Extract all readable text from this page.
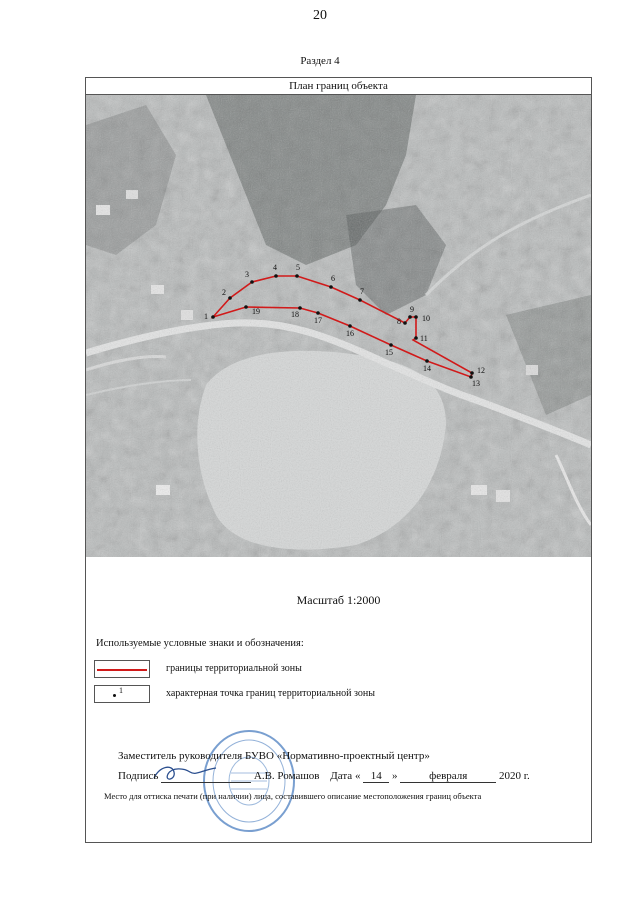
20
Раздел 4
План границ объекта
1
2
3
4 5
6
7
8
9
10
11
12
13
14
15
16
17
18
19
Масштаб 1:2000
Используемые условные знаки и обозначения:
границы территориальной зоны
1	характерная точка границ территориальной зоны
Заместитель руководителя БУВО «Нормативно-проектный центр»
Подпись	А.В. Ромашов Дата « 14 »	февраля	2020 г.
Место для оттиска печати (при наличии) лица, составившего описание местоположения границ объекта
